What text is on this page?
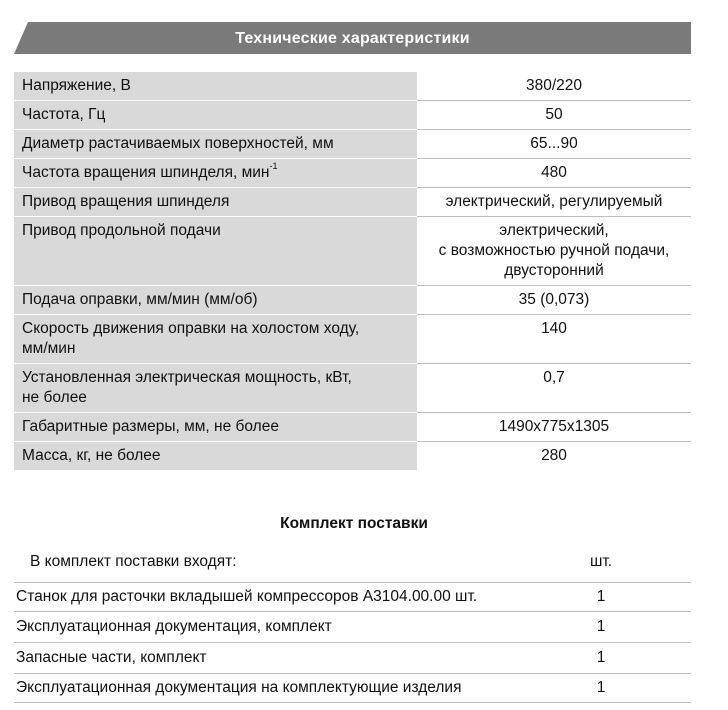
Технические характеристики
Напряжение, В	380/220
Частота, Гц	50
Диаметр растачиваемых поверхностей, мм	65...90
Частота вращения шпинделя, мин$^{-1}$	480
Привод вращения шпинделя	электрический, регулируемый
Привод продольной подачи	электрический,
с возможностью ручной подачи,
двусторонний

Подача оправки, мм/мин (мм/об)	35 (0,073)

Скорость движения оправки на холостом ходу,
мм/мин	140

Установленная электрическая мощность, кВт,
не более	0,7
Габаритные размеры, мм, не более	1490x775x1305
Масса, кг, не более	280
Комплект поставки
В комплект поставки входят:	шт.
Станок для расточки вкладышей компрессоров А3104.00.00 шт.	1
Эксплуатационная документация, комплект	1
Запасные части, комплект	1
Эксплуатационная документация на комплектующие изделия	1
